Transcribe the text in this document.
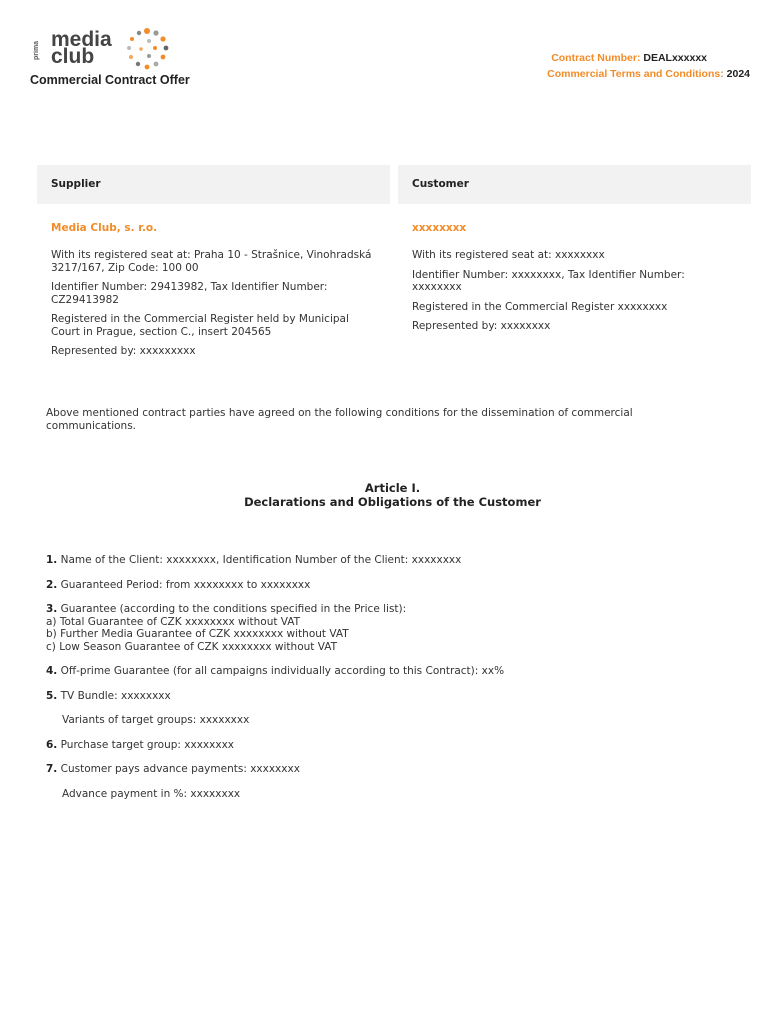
prima media
club
Commercial Contract Offer
Contract Number: DEALxxxxxx
Commercial Terms and Conditions: 2024
Supplier
Media Club, s. r.o.
With its registered seat at: Praha 10 - Strašnice, Vinohradská 3217/167, Zip Code: 100 00
Identifier Number: 29413982, Tax Identifier Number: CZ29413982
Registered in the Commercial Register held by Municipal Court in Prague, section C., insert 204565
Represented by: xxxxxxxxx
Customer
xxxxxxxx
With its registered seat at: xxxxxxxx
Identifier Number: xxxxxxxx, Tax Identifier Number: xxxxxxxx
Registered in the Commercial Register xxxxxxxx
Represented by: xxxxxxxx
Above mentioned contract parties have agreed on the following conditions for the dissemination of commercial communications.
Article I.
Declarations and Obligations of the Customer
1. Name of the Client: xxxxxxxx, Identification Number of the Client: xxxxxxxx
2. Guaranteed Period: from xxxxxxxx to xxxxxxxx
3. Guarantee (according to the conditions specified in the Price list):
a) Total Guarantee of CZK xxxxxxxx without VAT
b) Further Media Guarantee of CZK xxxxxxxx without VAT
c) Low Season Guarantee of CZK xxxxxxxx without VAT
4. Off-prime Guarantee (for all campaigns individually according to this Contract): xx%
5. TV Bundle: xxxxxxxx
Variants of target groups: xxxxxxxx
6. Purchase target group: xxxxxxxx
7. Customer pays advance payments: xxxxxxxx
Advance payment in %: xxxxxxxx
